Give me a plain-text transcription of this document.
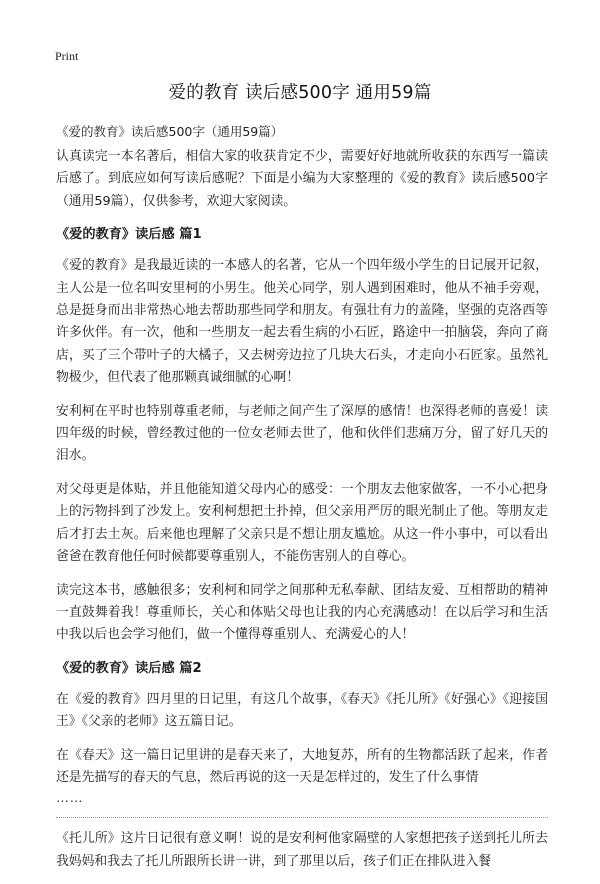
Print
爱的教育 读后感500字 通用59篇
《爱的教育》读后感500字（通用59篇）

认真读完一本名著后，相信大家的收获肯定不少，需要好好地就所收获的东西写一篇读后感了。到底应如何写读后感呢？下面是小编为大家整理的《爱的教育》读后感500字（通用59篇），仅供参考，欢迎大家阅读。

《爱的教育》读后感 篇1

《爱的教育》是我最近读的一本感人的名著，它从一个四年级小学生的日记展开记叙，主人公是一位名叫安里柯的小男生。他关心同学，别人遇到困难时，他从不袖手旁观，总是挺身而出非常热心地去帮助那些同学和朋友。有强壮有力的盖隆，坚强的克洛西等许多伙伴。有一次，他和一些朋友一起去看生病的小石匠，路途中一拍脑袋，奔向了商店，买了三个带叶子的大橘子，又去树旁边拉了几块大石头，才走向小石匠家。虽然礼物极少，但代表了他那颗真诚细腻的心啊！

安利柯在平时也特别尊重老师，与老师之间产生了深厚的感情！也深得老师的喜爱！读四年级的时候，曾经教过他的一位女老师去世了，他和伙伴们悲痛万分，留了好几天的泪水。

对父母更是体贴，并且他能知道父母内心的感受：一个朋友去他家做客，一不小心把身上的污物抖到了沙发上。安利柯想把土扑掉，但父亲用严厉的眼光制止了他。等朋友走后才打去土灰。后来他也理解了父亲只是不想让朋友尴尬。从这一件小事中，可以看出爸爸在教育他任何时候都要尊重别人，不能伤害别人的自尊心。

读完这本书，感触很多；安利柯和同学之间那种无私奉献、团结友爱、互相帮助的精神一直鼓舞着我！尊重师长，关心和体贴父母也让我的内心充满感动！在以后学习和生活中我以后也会学习他们，做一个懂得尊重别人、充满爱心的人！

《爱的教育》读后感 篇2

在《爱的教育》四月里的日记里，有这几个故事，《春天》《托儿所》《好强心》《迎接国王》《父亲的老师》这五篇日记。

在《春天》这一篇日记里讲的是春天来了，大地复苏，所有的生物都活跃了起来，作者还是先描写的春天的气息，然后再说的这一天是怎样过的，发生了什么事情

……

《托儿所》这片日记很有意义啊！说的是安利柯他家隔壁的人家想把孩子送到托儿所去我妈妈和我去了托儿所跟所长讲一讲，到了那里以后，孩子们正在排队进入餐
